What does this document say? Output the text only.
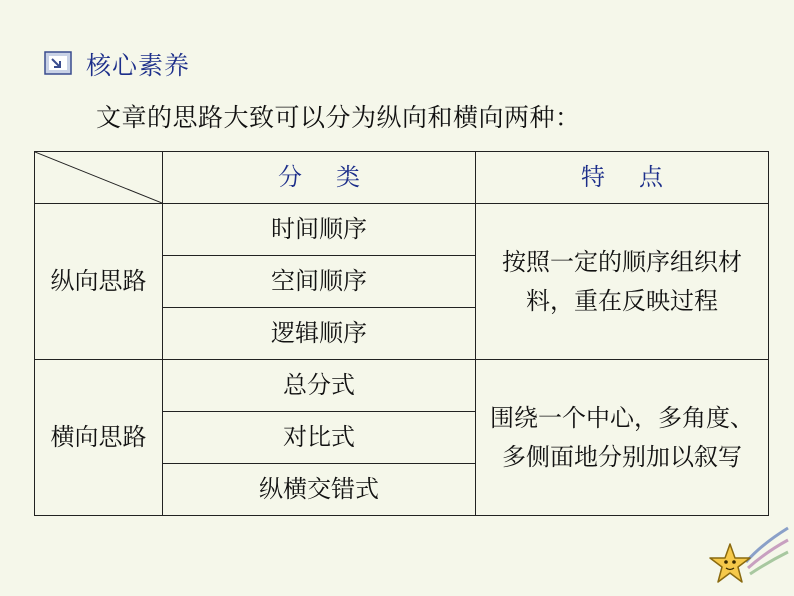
核心素养
文章的思路大致可以分为纵向和横向两种：
	分类	特点
纵向思路	时间顺序	按照一定的顺序组织材料，重在反映过程
	空间顺序	
	逻辑顺序	
横向思路	总分式	围绕一个中心，多角度、多侧面地分别加以叙写
	对比式	
	纵横交错式	
